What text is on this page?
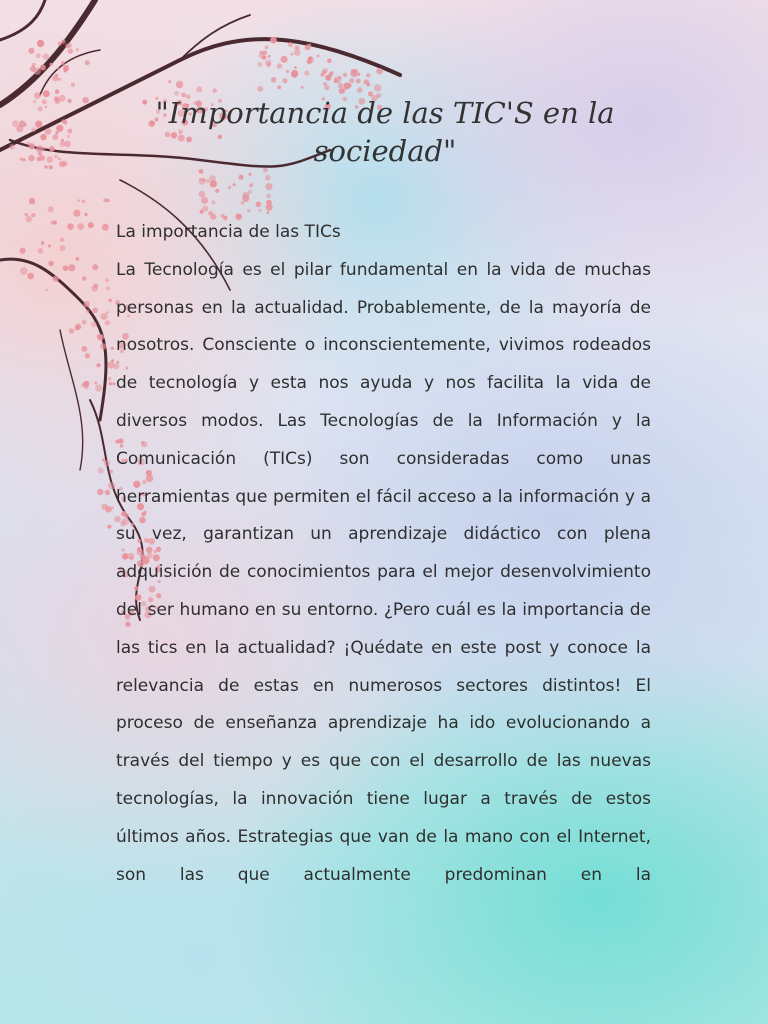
"Importancia de las TIC'S en la sociedad"
La importancia de las TICs
La Tecnología es el pilar fundamental en la vida de muchas personas en la actualidad. Probablemente, de la mayoría de nosotros. Consciente o inconscientemente, vivimos rodeados de tecnología y esta nos ayuda y nos facilita la vida de diversos modos. Las Tecnologías de la Información y la Comunicación (TICs) son consideradas como unas herramientas que permiten el fácil acceso a la información y a su vez, garantizan un aprendizaje didáctico con plena adquisición de conocimientos para el mejor desenvolvimiento del ser humano en su entorno. ¿Pero cuál es la importancia de las tics en la actualidad? ¡Quédate en este post y conoce la relevancia de estas en numerosos sectores distintos! El proceso de enseñanza aprendizaje ha ido evolucionando a través del tiempo y es que con el desarrollo de las nuevas tecnologías, la innovación tiene lugar a través de estos últimos años. Estrategias que van de la mano con el Internet, son las que actualmente predominan en la
